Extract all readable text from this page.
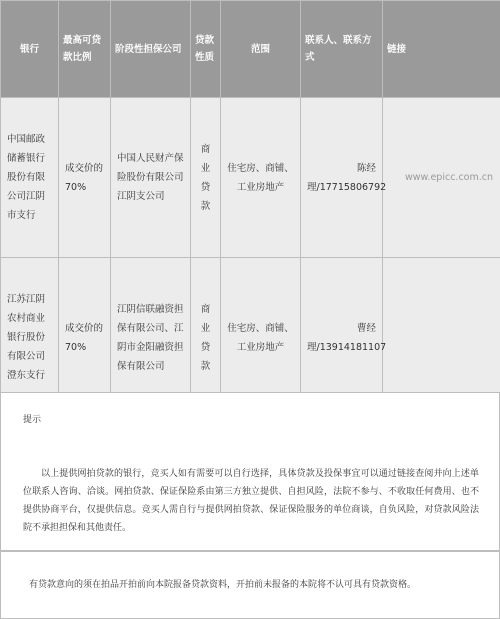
银行	最高可贷款比例	阶段性担保公司	贷款性质	范围	联系人、联系方式	链接

中国邮政储蓄银行股份有限公司江阴市支行	成交价的70%	中国人民财产保险股份有限公司江阴支公司	商业贷款	住宅房、商铺、工业房地产	陈经理/17715806792	www.epicc.com.cn

江苏江阴农村商业银行股份有限公司澄东支行	成交价的70%	江阴信联融资担保有限公司、江阴市金阳融资担保有限公司	商业贷款	住宅房、商铺、工业房地产	曹经理/13914181107	

提示
以上提供网拍贷款的银行，竞买人如有需要可以自行选择，具体贷款及投保事宜可以通过链接查阅并向上述单位联系人咨询、洽谈。网拍贷款、保证保险系由第三方独立提供、自担风险，法院不参与、不收取任何费用、也不提供协商平台，仅提供信息。竞买人需自行与提供网拍贷款、保证保险服务的单位商谈，自负风险，对贷款风险法院不承担担保和其他责任。
有贷款意向的须在拍品开拍前向本院报备贷款资料，开拍前未报备的本院将不认可具有贷款资格。
